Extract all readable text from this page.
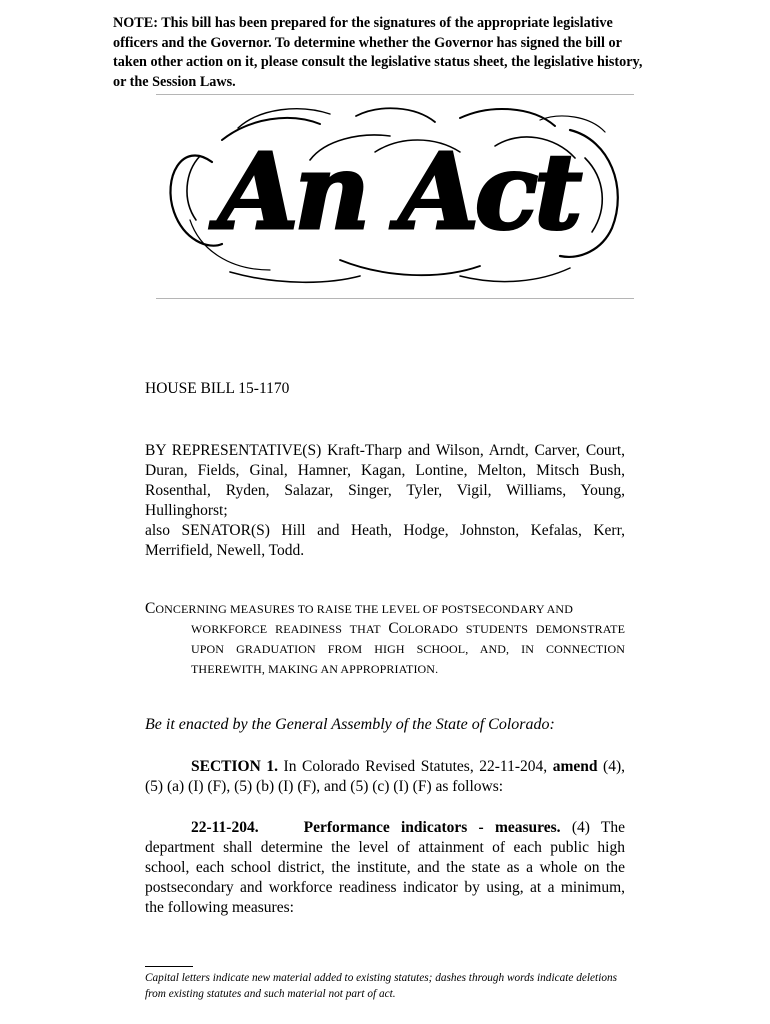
NOTE: This bill has been prepared for the signatures of the appropriate legislative officers and the Governor. To determine whether the Governor has signed the bill or taken other action on it, please consult the legislative status sheet, the legislative history, or the Session Laws.
An Act
HOUSE BILL 15-1170

BY REPRESENTATIVE(S) Kraft-Tharp and Wilson, Arndt, Carver, Court, Duran, Fields, Ginal, Hamner, Kagan, Lontine, Melton, Mitsch Bush, Rosenthal, Ryden, Salazar, Singer, Tyler, Vigil, Williams, Young, Hullinghorst;

also SENATOR(S) Hill and Heath, Hodge, Johnston, Kefalas, Kerr, Merrifield, Newell, Todd.

CONCERNING MEASURES TO RAISE THE LEVEL OF POSTSECONDARY AND
WORKFORCE READINESS THAT COLORADO STUDENTS DEMONSTRATE UPON GRADUATION FROM HIGH SCHOOL, AND, IN CONNECTION THEREWITH, MAKING AN APPROPRIATION.
Be it enacted by the General Assembly of the State of Colorado:
SECTION 1. In Colorado Revised Statutes, 22-11-204, amend (4), (5) (a) (I) (F), (5) (b) (I) (F), and (5) (c) (I) (F) as follows:
22-11-204.	Performance indicators - measures. (4) The department shall determine the level of attainment of each public high school, each school district, the institute, and the state as a whole on the postsecondary and workforce readiness indicator by using, at a minimum, the following measures:
Capital letters indicate new material added to existing statutes; dashes through words indicate deletions from existing statutes and such material not part of act.
